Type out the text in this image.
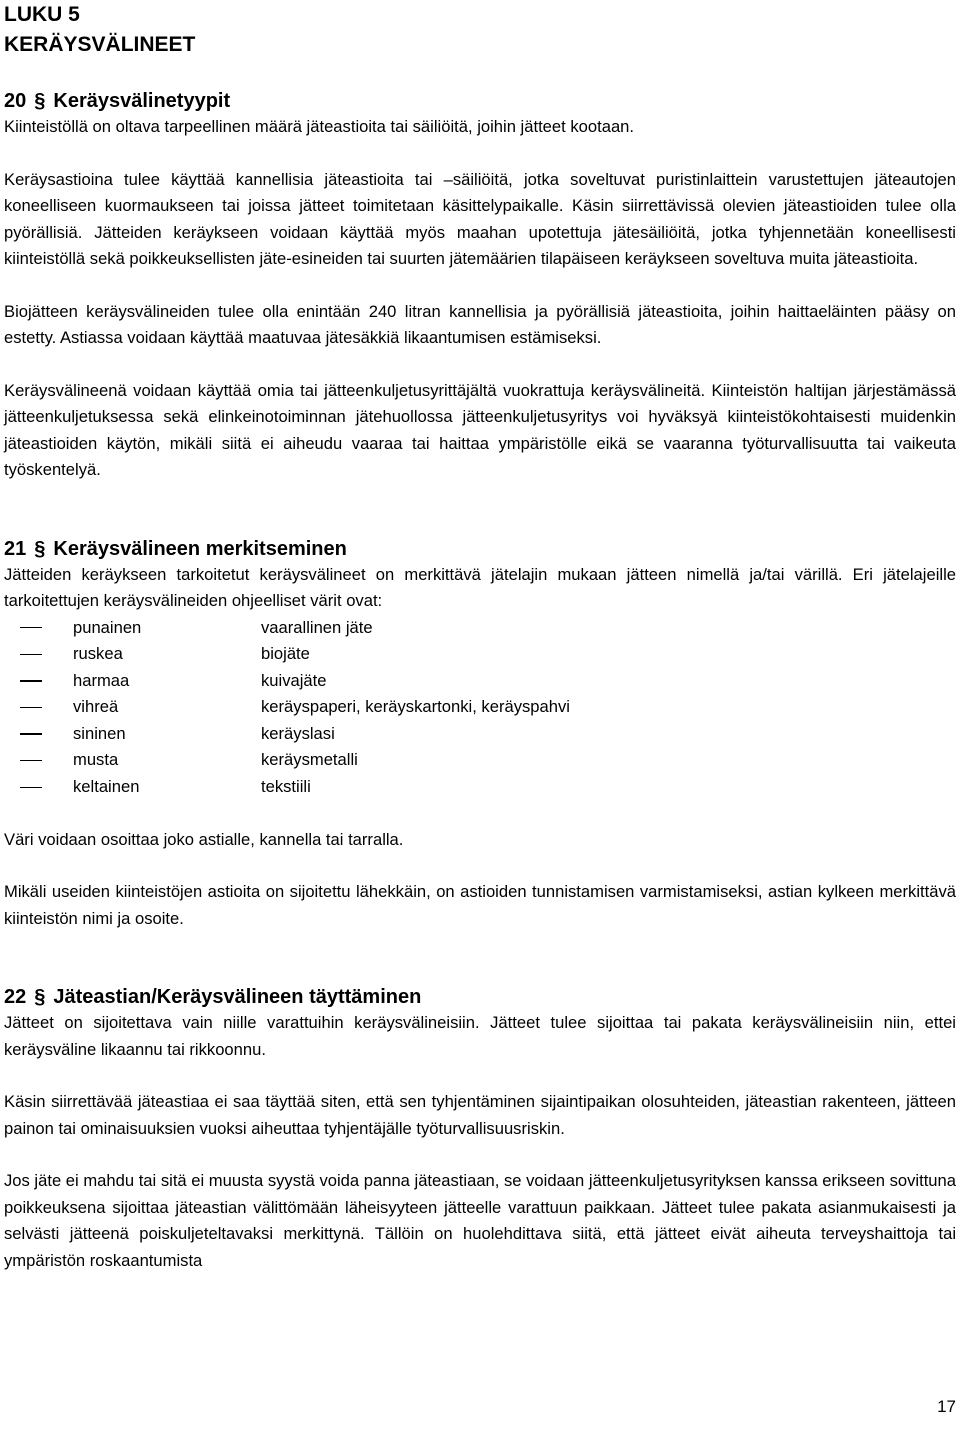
LUKU 5
KERÄYSVÄLINEET
20 § Keräysvälinetyypit

Kiinteistöllä on oltava tarpeellinen määrä jäteastioita tai säiliöitä, joihin jätteet kootaan.

Keräysastioina tulee käyttää kannellisia jäteastioita tai –säiliöitä, jotka soveltuvat puristinlaittein varustettujen jäteautojen koneelliseen kuormaukseen tai joissa jätteet toimitetaan käsittelypaikalle. Käsin siirrettävissä olevien jäteastioiden tulee olla pyörällisiä. Jätteiden keräykseen voidaan käyttää myös maahan upotettuja jätesäiliöitä, jotka tyhjennetään koneellisesti kiinteistöllä sekä poikkeuksellisten jäte-esineiden tai suurten jätemäärien tilapäiseen keräykseen soveltuva muita jäteastioita.

Biojätteen keräysvälineiden tulee olla enintään 240 litran kannellisia ja pyörällisiä jäteastioita, joihin haittaeläinten pääsy on estetty. Astiassa voidaan käyttää maatuvaa jätesäkkiä likaantumisen estämiseksi.

Keräysvälineenä voidaan käyttää omia tai jätteenkuljetusyrittäjältä vuokrattuja keräysvälineitä. Kiinteistön haltijan järjestämässä jätteenkuljetuksessa sekä elinkeinotoiminnan jätehuollossa jätteenkuljetusyritys voi hyväksyä kiinteistökohtaisesti muidenkin jäteastioiden käytön, mikäli siitä ei aiheudu vaaraa tai haittaa ympäristölle eikä se vaaranna työturvallisuutta tai vaikeuta työskentelyä.

21 § Keräysvälineen merkitseminen

Jätteiden keräykseen tarkoitetut keräysvälineet on merkittävä jätelajin mukaan jätteen nimellä ja/tai värillä. Eri jätelajeille tarkoitettujen keräysvälineiden ohjeelliset värit ovat:

punainen	vaarallinen jäte
ruskea	biojäte
harmaa	kuivajäte
vihreä	keräyspaperi, keräyskartonki, keräyspahvi
sininen	keräyslasi
musta	keräysmetalli
keltainen	tekstiili

Väri voidaan osoittaa joko astialle, kannella tai tarralla.

Mikäli useiden kiinteistöjen astioita on sijoitettu lähekkäin, on astioiden tunnistamisen varmistamiseksi, astian kylkeen merkittävä kiinteistön nimi ja osoite.

22 § Jäteastian/Keräysvälineen täyttäminen

Jätteet on sijoitettava vain niille varattuihin keräysvälineisiin. Jätteet tulee sijoittaa tai pakata keräysvälineisiin niin, ettei keräysväline likaannu tai rikkoonnu.

Käsin siirrettävää jäteastiaa ei saa täyttää siten, että sen tyhjentäminen sijaintipaikan olosuhteiden, jäteastian rakenteen, jätteen painon tai ominaisuuksien vuoksi aiheuttaa tyhjentäjälle työturvallisuusriskin.

Jos jäte ei mahdu tai sitä ei muusta syystä voida panna jäteastiaan, se voidaan jätteenkuljetusyrityksen kanssa erikseen sovittuna poikkeuksena sijoittaa jäteastian välittömään läheisyyteen jätteelle varattuun paikkaan. Jätteet tulee pakata asianmukaisesti ja selvästi jätteenä poiskuljeteltavaksi merkittynä. Tällöin on huolehdittava siitä, että jätteet eivät aiheuta terveyshaittoja tai ympäristön roskaantumista

17
